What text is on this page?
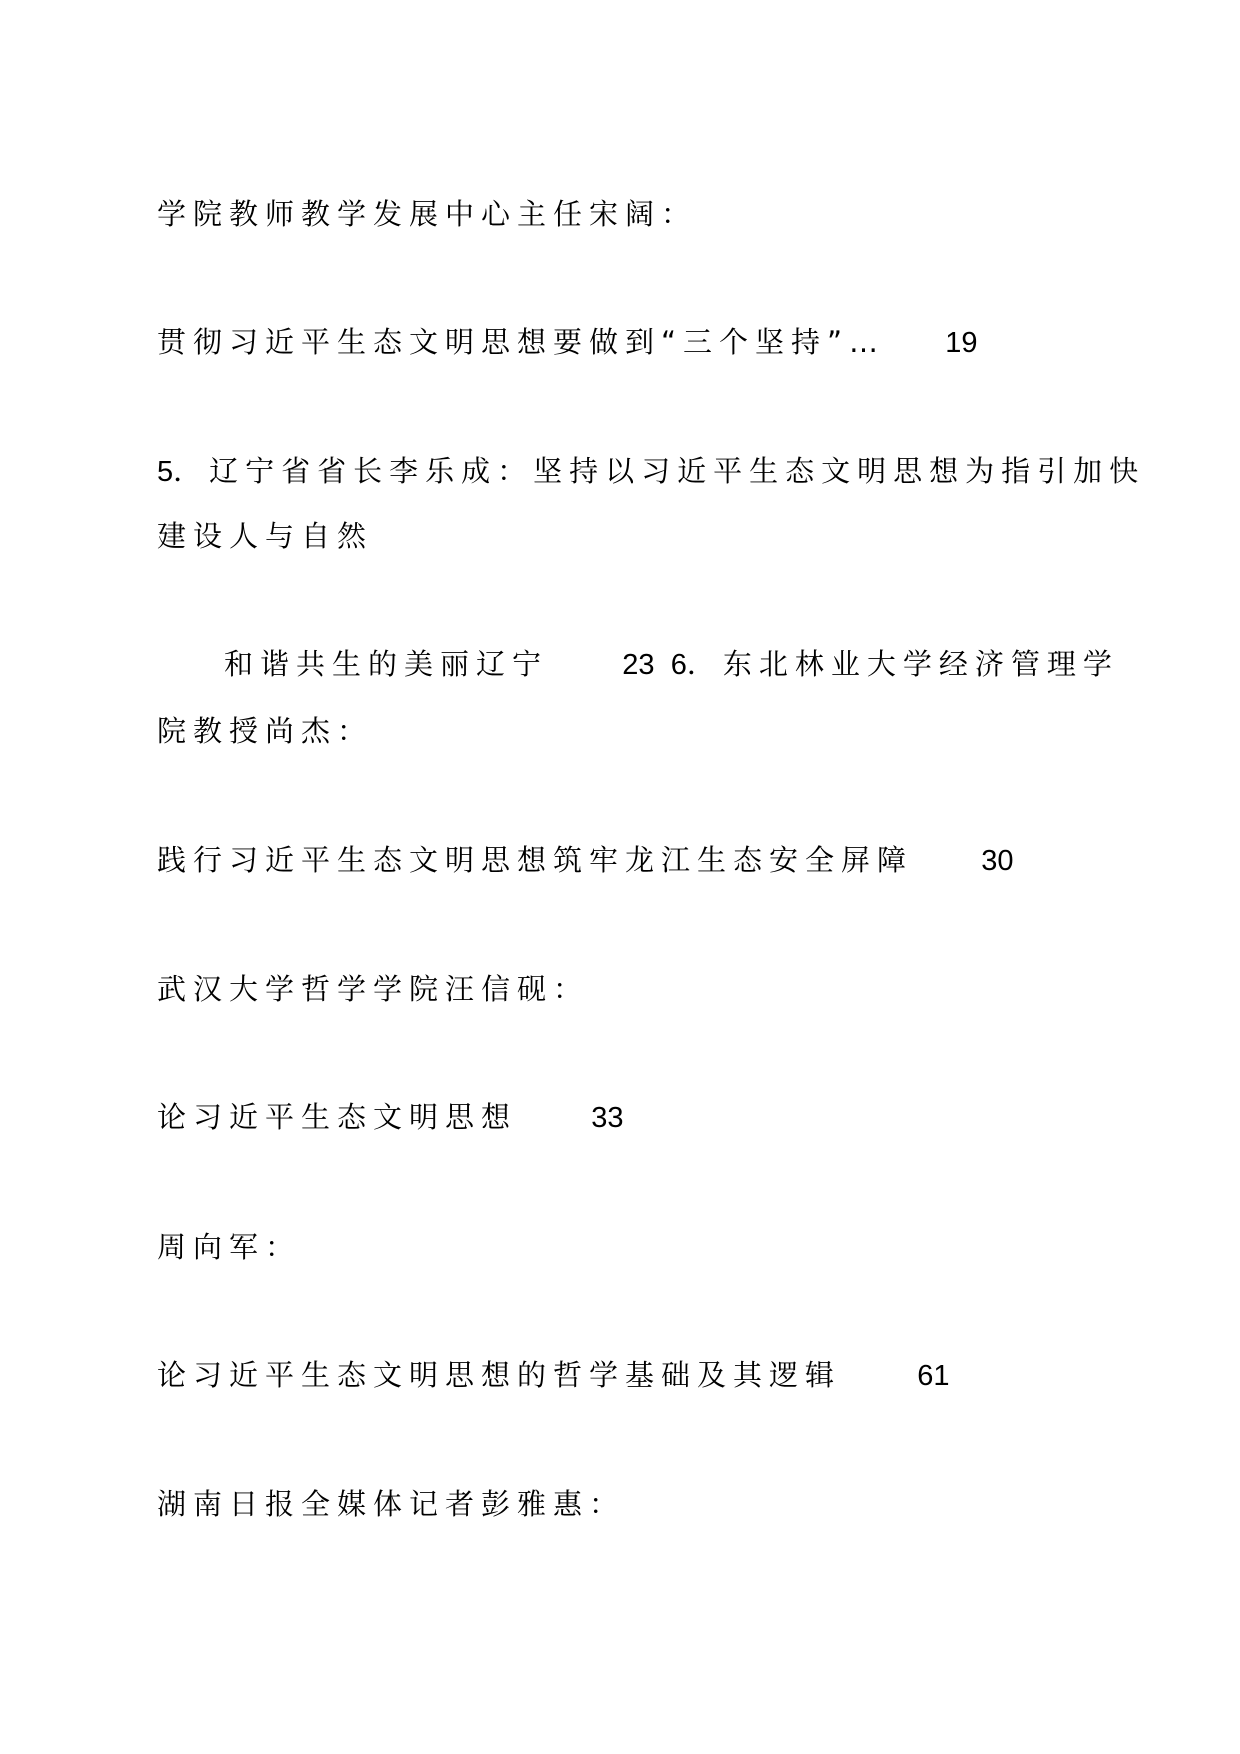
学院教师教学发展中心主任宋阔：
贯彻习近平生态文明思想要做到“三个坚持”… 19
5．辽宁省省长李乐成：坚持以习近平生态文明思想为指引加快
建设人与自然
和谐共生的美丽辽宁	23 6．东北林业大学经济管理学
院教授尚杰：
践行习近平生态文明思想筑牢龙江生态安全屏障 30
武汉大学哲学学院汪信砚：
论习近平生态文明思想	33
周向军：
论习近平生态文明思想的哲学基础及其逻辑	61
湖南日报全媒体记者彭雅惠：
